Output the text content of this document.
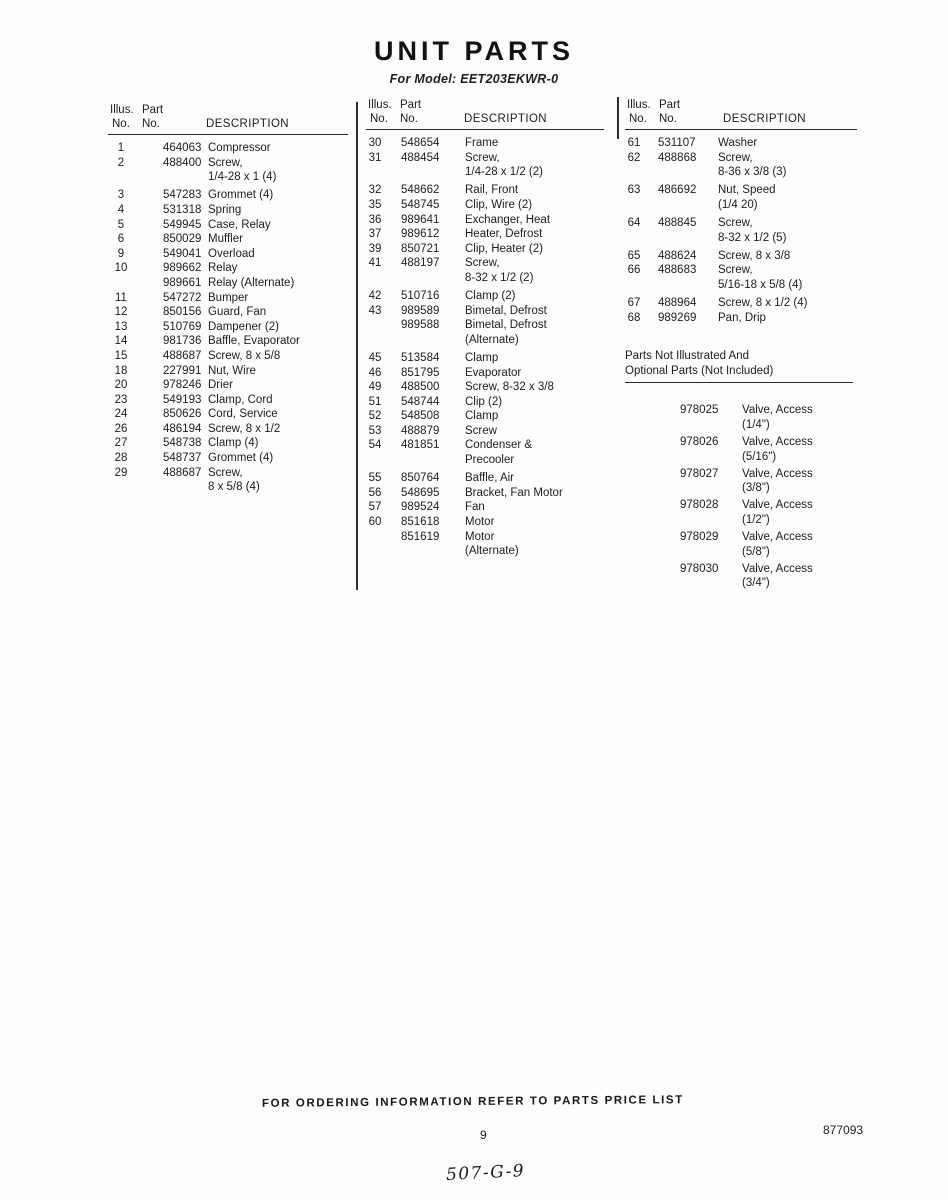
UNIT PARTS
For Model: EET203EKWR-0
Illus. Part
No.	No.	DESCRIPTION
1	464063 Compressor
2	488400 Screw,
1/4-28 x 1 (4)
3	547283 Grommet (4)
4	531318 Spring
5	549945 Case, Relay
6	850029 Muffler
9	549041 Overload
10	989662 Relay
989661 Relay (Alternate)
11	547272 Bumper
12	850156 Guard, Fan
13	510769 Dampener (2)
14	981736 Baffle, Evaporator
15	488687 Screw, 8 x 5/8
18	227991 Nut, Wire
20	978246 Drier
23	549193 Clamp, Cord
24	850626 Cord, Service
26	486194 Screw, 8 x 1/2
27	548738 Clamp (4)
28	548737 Grommet (4)
29	488687 Screw,
8 x 5/8 (4)
Illus. Part
No.	No.	DESCRIPTION
30	548654	Frame
31	488454	Screw,
1/4-28 x 1/2 (2)
32	548662	Rail, Front
35	548745	Clip, Wire (2)
36	989641	Exchanger, Heat
37	989612	Heater, Defrost
39	850721	Clip, Heater (2)
41	488197	Screw,
8-32 x 1/2 (2)
42	510716	Clamp (2)
43	989589	Bimetal, Defrost
989588	Bimetal, Defrost
(Alternate)
45	513584	Clamp
46	851795	Evaporator
49	488500	Screw, 8-32 x 3/8
51	548744	Clip (2)
52	548508	Clamp
53	488879	Screw
54	481851	Condenser &
Precooler
55	850764	Baffle, Air
56	548695	Bracket, Fan Motor
57	989524	Fan
60	851618	Motor
851619	Motor
(Alternate)
Illus. Part
No.	No.	DESCRIPTION
61	531107	Washer
62	488868	Screw,
8-36 x 3/8 (3)
63	486692	Nut, Speed
(1/4 20)
64	488845	Screw,
8-32 x 1/2 (5)
65	488624	Screw, 8 x 3/8
66	488683	Screw,
5/16-18 x 5/8 (4)
67	488964	Screw, 8 x 1/2 (4)
68	989269	Pan, Drip
Parts Not Illustrated And
Optional Parts (Not Included)
978025	Valve, Access
(1/4")
978026	Valve, Access
(5/16")
978027	Valve, Access
(3/8")
978028	Valve, Access
(1/2")
978029	Valve, Access
(5/8")
978030	Valve, Access
(3/4")
FOR ORDERING INFORMATION REFER TO PARTS PRICE LIST
9	877093
507-G-9
